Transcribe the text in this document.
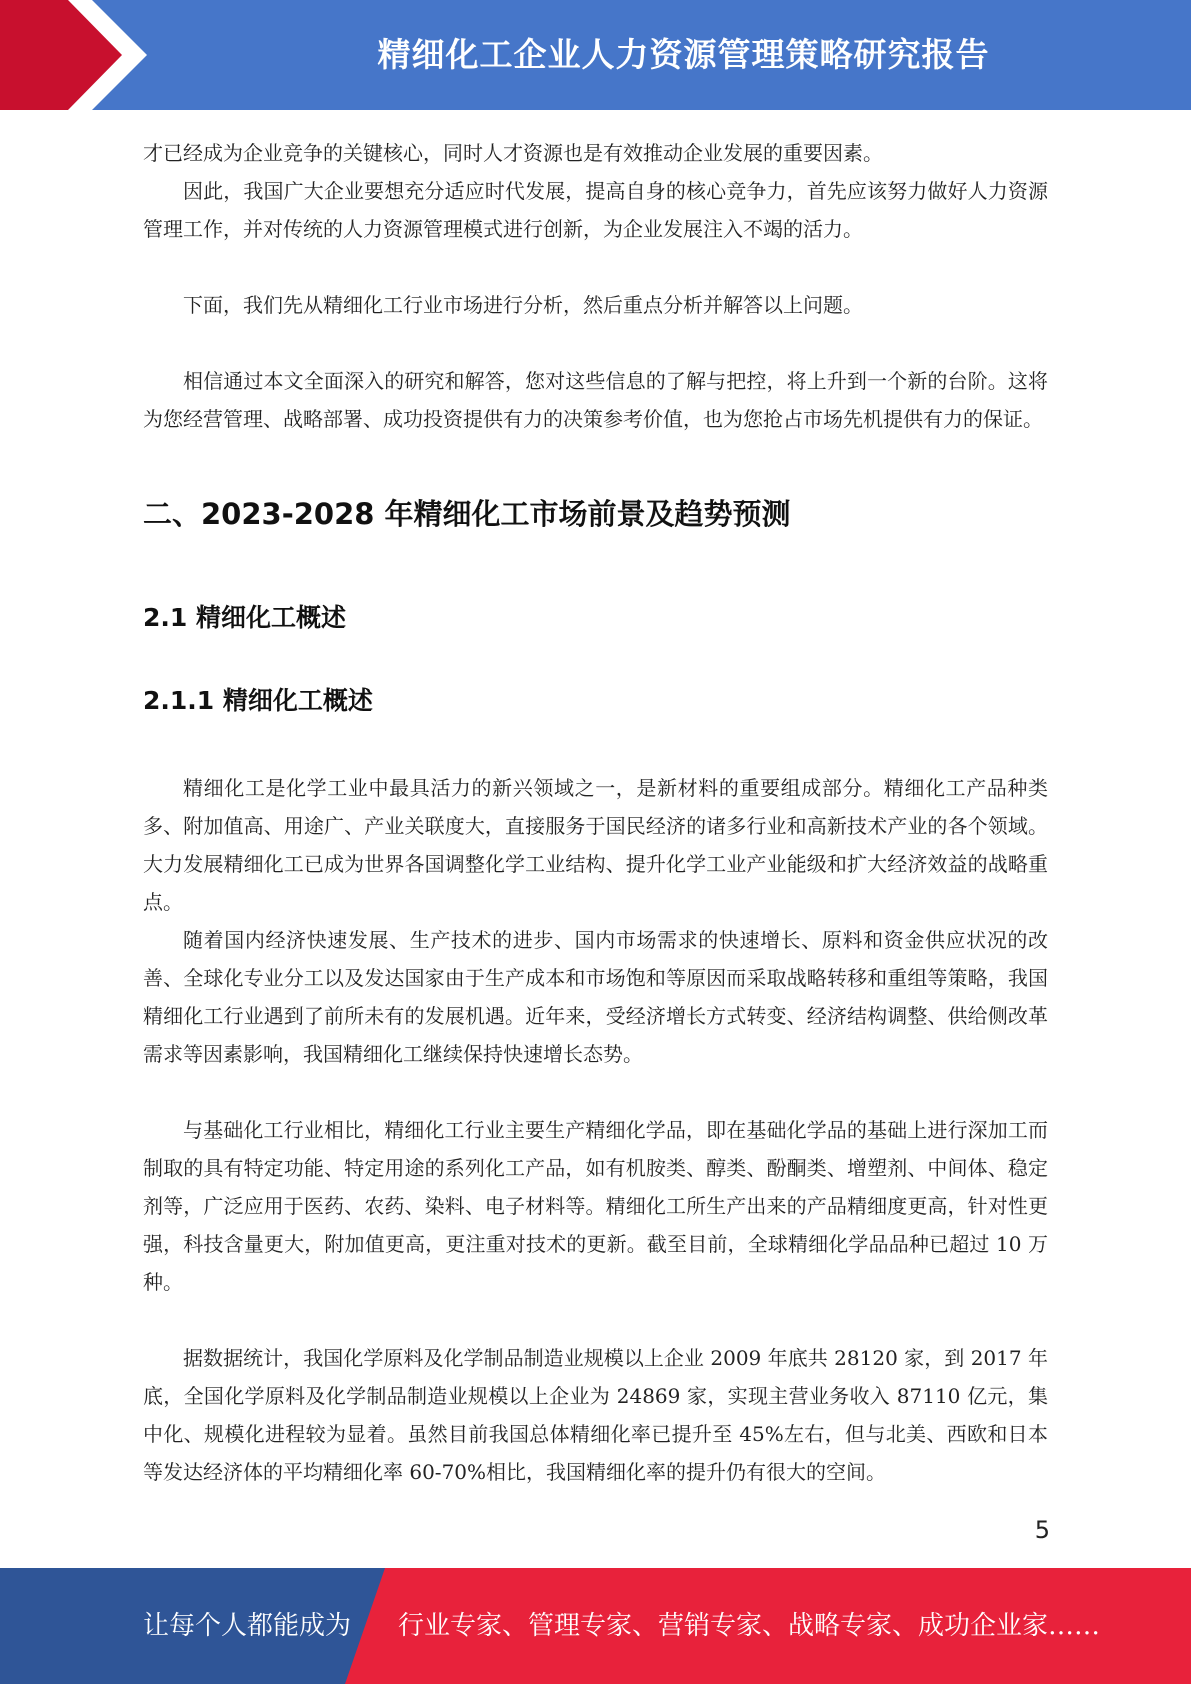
精细化工企业人力资源管理策略研究报告

才已经成为企业竞争的关键核心，同时人才资源也是有效推动企业发展的重要因素。

因此，我国广大企业要想充分适应时代发展，提高自身的核心竞争力，首先应该努力做好人力资源管理工作，并对传统的人力资源管理模式进行创新，为企业发展注入不竭的活力。

下面，我们先从精细化工行业市场进行分析，然后重点分析并解答以上问题。

相信通过本文全面深入的研究和解答，您对这些信息的了解与把控，将上升到一个新的台阶。这将为您经营管理、战略部署、成功投资提供有力的决策参考价值，也为您抢占市场先机提供有力的保证。

二、2023-2028 年精细化工市场前景及趋势预测
2.1 精细化工概述
2.1.1 精细化工概述

精细化工是化学工业中最具活力的新兴领域之一，是新材料的重要组成部分。精细化工产品种类多、附加值高、用途广、产业关联度大，直接服务于国民经济的诸多行业和高新技术产业的各个领域。大力发展精细化工已成为世界各国调整化学工业结构、提升化学工业产业能级和扩大经济效益的战略重点。

随着国内经济快速发展、生产技术的进步、国内市场需求的快速增长、原料和资金供应状况的改善、全球化专业分工以及发达国家由于生产成本和市场饱和等原因而采取战略转移和重组等策略，我国精细化工行业遇到了前所未有的发展机遇。近年来，受经济增长方式转变、经济结构调整、供给侧改革需求等因素影响，我国精细化工继续保持快速增长态势。

与基础化工行业相比，精细化工行业主要生产精细化学品，即在基础化学品的基础上进行深加工而制取的具有特定功能、特定用途的系列化工产品，如有机胺类、醇类、酚酮类、增塑剂、中间体、稳定剂等，广泛应用于医药、农药、染料、电子材料等。精细化工所生产出来的产品精细度更高，针对性更强，科技含量更大，附加值更高，更注重对技术的更新。截至目前，全球精细化学品品种已超过 10 万种。

据数据统计，我国化学原料及化学制品制造业规模以上企业 2009 年底共 28120 家，到 2017 年底，全国化学原料及化学制品制造业规模以上企业为 24869 家，实现主营业务收入 87110 亿元，集中化、规模化进程较为显着。虽然目前我国总体精细化率已提升至 45%左右，但与北美、西欧和日本等发达经济体的平均精细化率 60-70%相比，我国精细化率的提升仍有很大的空间。

5
让每个人都能成为 行业专家、管理专家、营销专家、战略专家、成功企业家……
